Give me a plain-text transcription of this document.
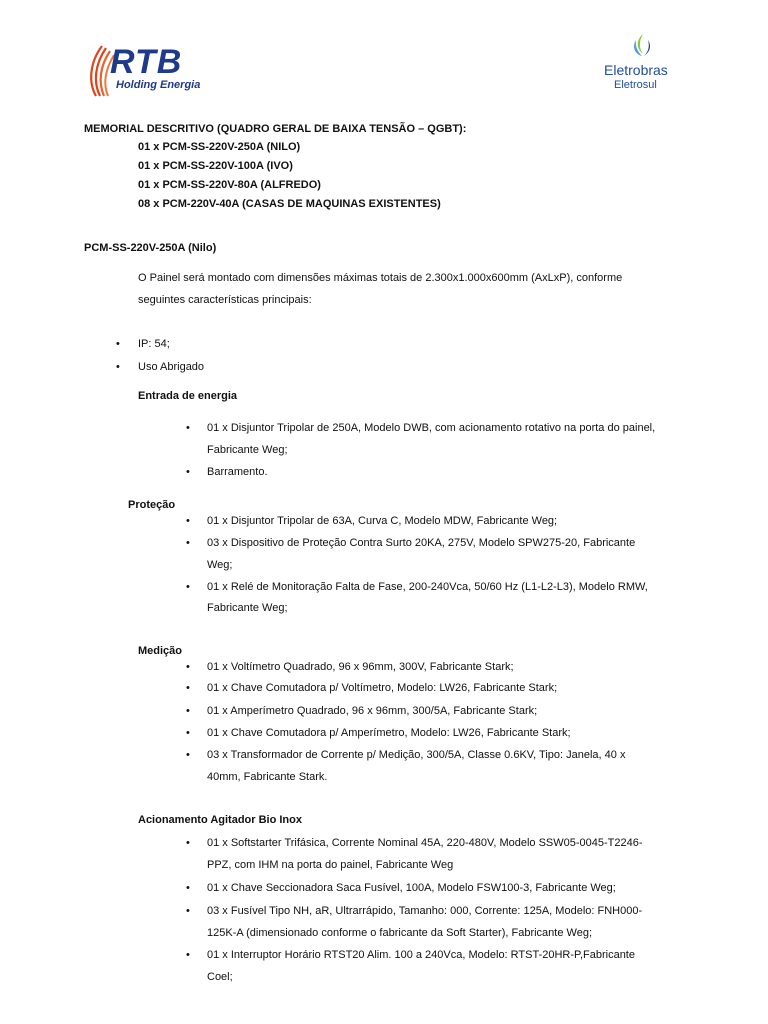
RTB
Holding Energia
Eletrobras
Eletrosul
MEMORIAL DESCRITIVO (QUADRO GERAL DE BAIXA TENSÃO – QGBT):
01 x PCM-SS-220V-250A (NILO)
01 x PCM-SS-220V-100A (IVO)
01 x PCM-SS-220V-80A (ALFREDO)
08 x PCM-220V-40A (CASAS DE MAQUINAS EXISTENTES)
PCM-SS-220V-250A (Nilo)
O Painel será montado com dimensões máximas totais de 2.300x1.000x600mm (AxLxP), conforme
seguintes características principais:
• IP: 54;
• Uso Abrigado
Entrada de energia
• 01 x Disjuntor Tripolar de 250A, Modelo DWB, com acionamento rotativo na porta do painel,
Fabricante Weg;
• Barramento.
Proteção
• 01 x Disjuntor Tripolar de 63A, Curva C, Modelo MDW, Fabricante Weg;
• 03 x Dispositivo de Proteção Contra Surto 20KA, 275V, Modelo SPW275-20, Fabricante
Weg;
• 01 x Relé de Monitoração Falta de Fase, 200-240Vca, 50/60 Hz (L1-L2-L3), Modelo RMW,
Fabricante Weg;
Medição
• 01 x Voltímetro Quadrado, 96 x 96mm, 300V, Fabricante Stark;
• 01 x Chave Comutadora p/ Voltímetro, Modelo: LW26, Fabricante Stark;
• 01 x Amperímetro Quadrado, 96 x 96mm, 300/5A, Fabricante Stark;
• 01 x Chave Comutadora p/ Amperímetro, Modelo: LW26, Fabricante Stark;
• 03 x Transformador de Corrente p/ Medição, 300/5A, Classe 0.6KV, Tipo: Janela, 40 x
40mm, Fabricante Stark.
Acionamento Agitador Bio Inox
• 01 x Softstarter Trifásica, Corrente Nominal 45A, 220-480V, Modelo SSW05-0045-T2246-
PPZ, com IHM na porta do painel, Fabricante Weg
• 01 x Chave Seccionadora Saca Fusível, 100A, Modelo FSW100-3, Fabricante Weg;
• 03 x Fusível Tipo NH, aR, Ultrarrápido, Tamanho: 000, Corrente: 125A, Modelo: FNH000-
125K-A (dimensionado conforme o fabricante da Soft Starter), Fabricante Weg;
• 01 x Interruptor Horário RTST20 Alim. 100 a 240Vca, Modelo: RTST-20HR-P,Fabricante
Coel;
